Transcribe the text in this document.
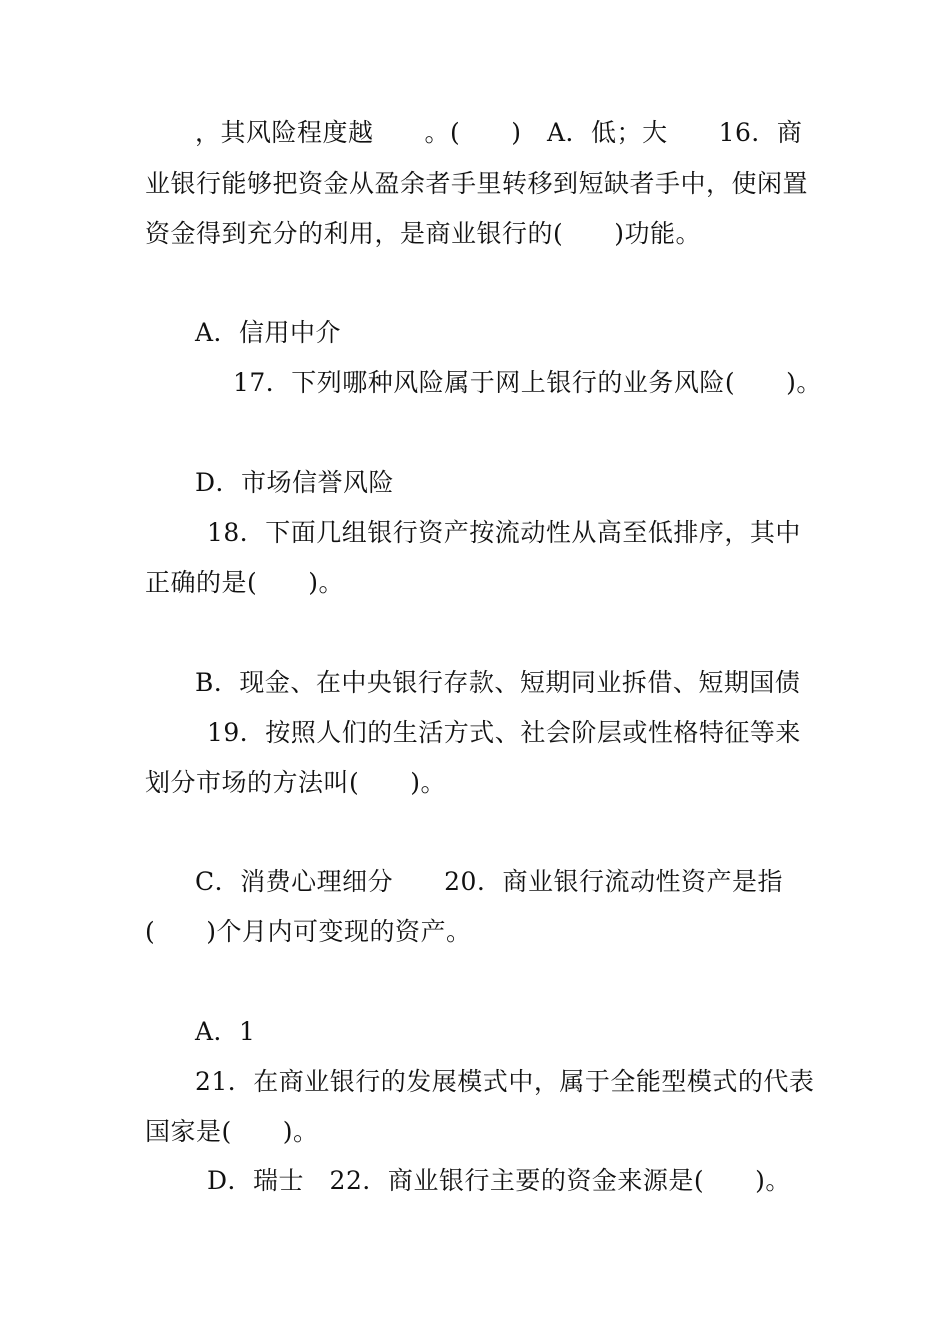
，其风险程度越　　。(　　)　A．低；大　　16．商
业银行能够把资金从盈余者手里转移到短缺者手中，使闲置
资金得到充分的利用，是商业银行的(　　)功能。
A．信用中介
17．下列哪种风险属于网上银行的业务风险(　　)。
D．市场信誉风险
18．下面几组银行资产按流动性从高至低排序，其中
正确的是(　　)。
B．现金、在中央银行存款、短期同业拆借、短期国债
19．按照人们的生活方式、社会阶层或性格特征等来
划分市场的方法叫(　　)。
C．消费心理细分　　20．商业银行流动性资产是指
(　　)个月内可变现的资产。
A．1
21．在商业银行的发展模式中，属于全能型模式的代表
国家是(　　)。
D．瑞士　22．商业银行主要的资金来源是(　　)。
